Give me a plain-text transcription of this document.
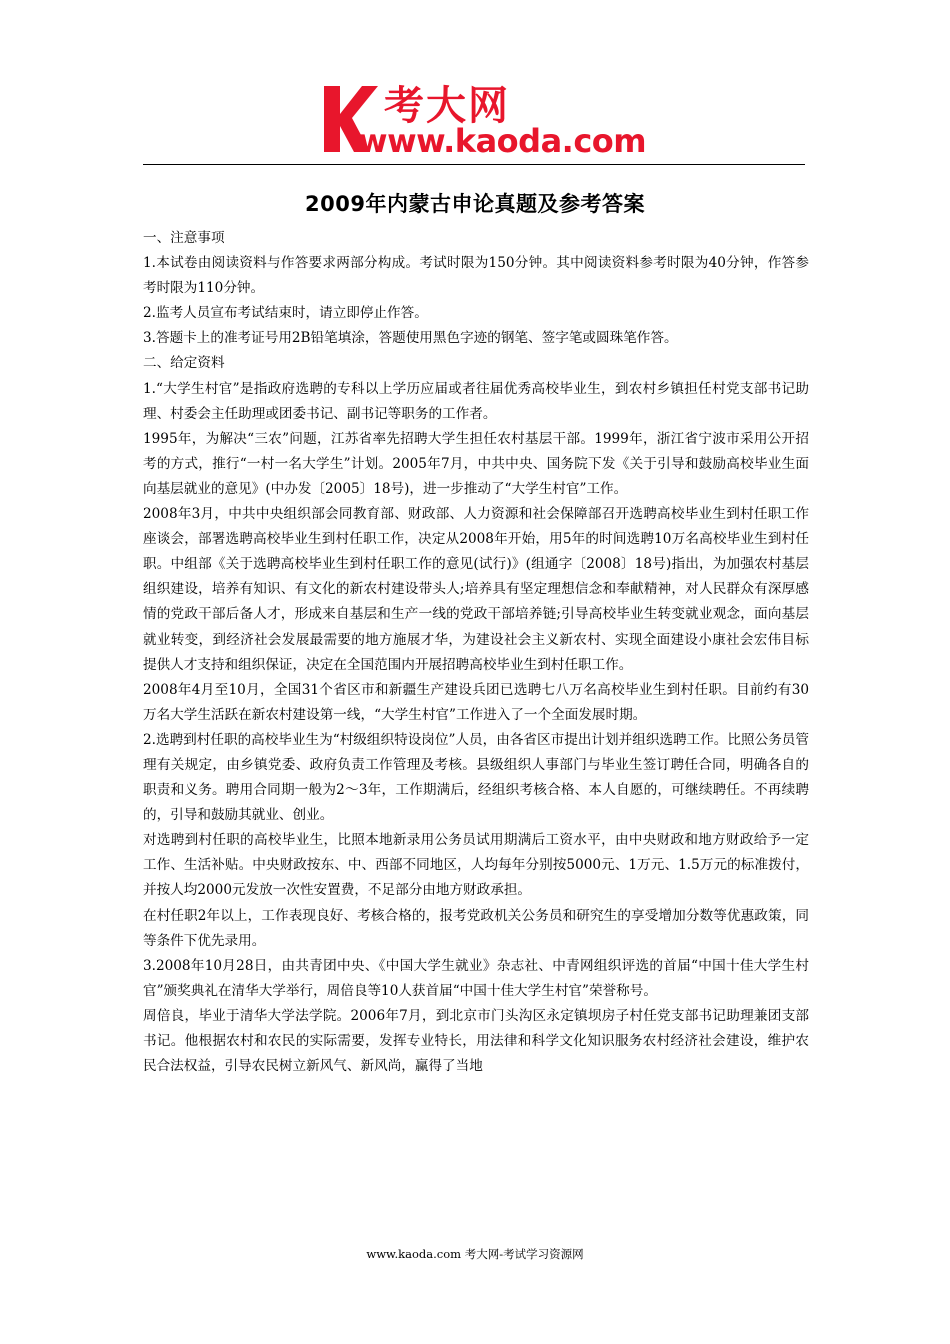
考大网
www.kaoda.com
2009年内蒙古申论真题及参考答案

一、注意事项

1.本试卷由阅读资料与作答要求两部分构成。考试时限为150分钟。其中阅读资料参考时限为40分钟，作答参考时限为110分钟。

2.监考人员宣布考试结束时，请立即停止作答。

3.答题卡上的准考证号用2B铅笔填涂，答题使用黑色字迹的钢笔、签字笔或圆珠笔作答。

二、给定资料

1.“大学生村官”是指政府选聘的专科以上学历应届或者往届优秀高校毕业生，到农村乡镇担任村党支部书记助理、村委会主任助理或团委书记、副书记等职务的工作者。

1995年，为解决“三农”问题，江苏省率先招聘大学生担任农村基层干部。1999年，浙江省宁波市采用公开招考的方式，推行“一村一名大学生”计划。2005年7月，中共中央、国务院下发《关于引导和鼓励高校毕业生面向基层就业的意见》(中办发〔2005〕18号)，进一步推动了“大学生村官”工作。

2008年3月，中共中央组织部会同教育部、财政部、人力资源和社会保障部召开选聘高校毕业生到村任职工作座谈会，部署选聘高校毕业生到村任职工作，决定从2008年开始，用5年的时间选聘10万名高校毕业生到村任职。中组部《关于选聘高校毕业生到村任职工作的意见(试行)》(组通字〔2008〕18号)指出，为加强农村基层组织建设，培养有知识、有文化的新农村建设带头人;培养具有坚定理想信念和奉献精神，对人民群众有深厚感情的党政干部后备人才，形成来自基层和生产一线的党政干部培养链;引导高校毕业生转变就业观念，面向基层就业转变，到经济社会发展最需要的地方施展才华，为建设社会主义新农村、实现全面建设小康社会宏伟目标提供人才支持和组织保证，决定在全国范围内开展招聘高校毕业生到村任职工作。

2008年4月至10月，全国31个省区市和新疆生产建设兵团已选聘七八万名高校毕业生到村任职。目前约有30万名大学生活跃在新农村建设第一线，“大学生村官”工作进入了一个全面发展时期。

2.选聘到村任职的高校毕业生为“村级组织特设岗位”人员，由各省区市提出计划并组织选聘工作。比照公务员管理有关规定，由乡镇党委、政府负责工作管理及考核。县级组织人事部门与毕业生签订聘任合同，明确各自的职责和义务。聘用合同期一般为2～3年，工作期满后，经组织考核合格、本人自愿的，可继续聘任。不再续聘的，引导和鼓励其就业、创业。

对选聘到村任职的高校毕业生，比照本地新录用公务员试用期满后工资水平，由中央财政和地方财政给予一定工作、生活补贴。中央财政按东、中、西部不同地区，人均每年分别按5000元、1万元、1.5万元的标准拨付，并按人均2000元发放一次性安置费，不足部分由地方财政承担。

在村任职2年以上，工作表现良好、考核合格的，报考党政机关公务员和研究生的享受增加分数等优惠政策，同等条件下优先录用。

3.2008年10月28日，由共青团中央、《中国大学生就业》杂志社、中青网组织评选的首届“中国十佳大学生村官”颁奖典礼在清华大学举行，周倍良等10人获首届“中国十佳大学生村官”荣誉称号。

周倍良，毕业于清华大学法学院。2006年7月，到北京市门头沟区永定镇坝房子村任党支部书记助理兼团支部书记。他根据农村和农民的实际需要，发挥专业特长，用法律和科学文化知识服务农村经济社会建设，维护农民合法权益，引导农民树立新风气、新风尚，赢得了当地

www.kaoda.com 考大网-考试学习资源网
